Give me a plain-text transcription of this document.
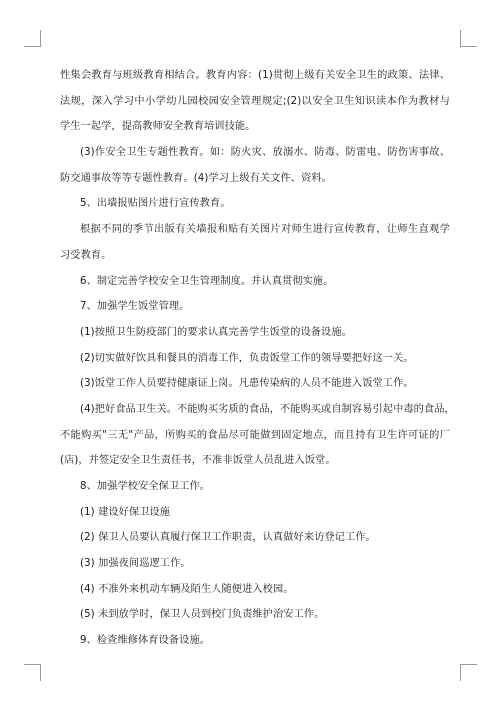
性集会教育与班级教育相结合。教育内容：(1)贯彻上级有关安全卫生的政策、法律、
法规，深入学习中小学幼儿园校园安全管理规定;(2)以安全卫生知识读本作为教材与
学生一起学，提高教师安全教育培训技能。
(3)作安全卫生专题性教育。如：防火灾、放溺水、防毒、防雷电、防伤害事故、
防交通事故等等专题性教育。(4)学习上级有关文件、资料。
5、出墙报贴图片进行宣传教育。
根据不同的季节出版有关墙报和贴有关图片对师生进行宣传教育，让师生直观学
习受教育。
6、制定完善学校安全卫生管理制度。并认真贯彻实施。
7、加强学生饭堂管理。
(1)按照卫生防疫部门的要求认真完善学生饭堂的设备设施。
(2)切实做好饮具和餐具的消毒工作，负责饭堂工作的领导要把好这一关。
(3)饭堂工作人员要持健康证上岗。凡患传染病的人员不能进入饭堂工作。
(4)把好食品卫生关。不能购买劣质的食品，不能购买或自制容易引起中毒的食品，
不能购买"三无"产品，所购买的食品尽可能做到固定地点，而且持有卫生许可证的厂
(店)，并签定安全卫生责任书，不准非饭堂人员乱进入饭堂。
8、加强学校安全保卫工作。
(1) 建设好保卫设施
(2) 保卫人员要认真履行保卫工作职责，认真做好来访登记工作。
(3) 加强夜间巡逻工作。
(4) 不准外来机动车辆及陌生人随便进入校园。
(5) 未到放学时，保卫人员到校门负责维护治安工作。
9、检查维修体育设备设施。
